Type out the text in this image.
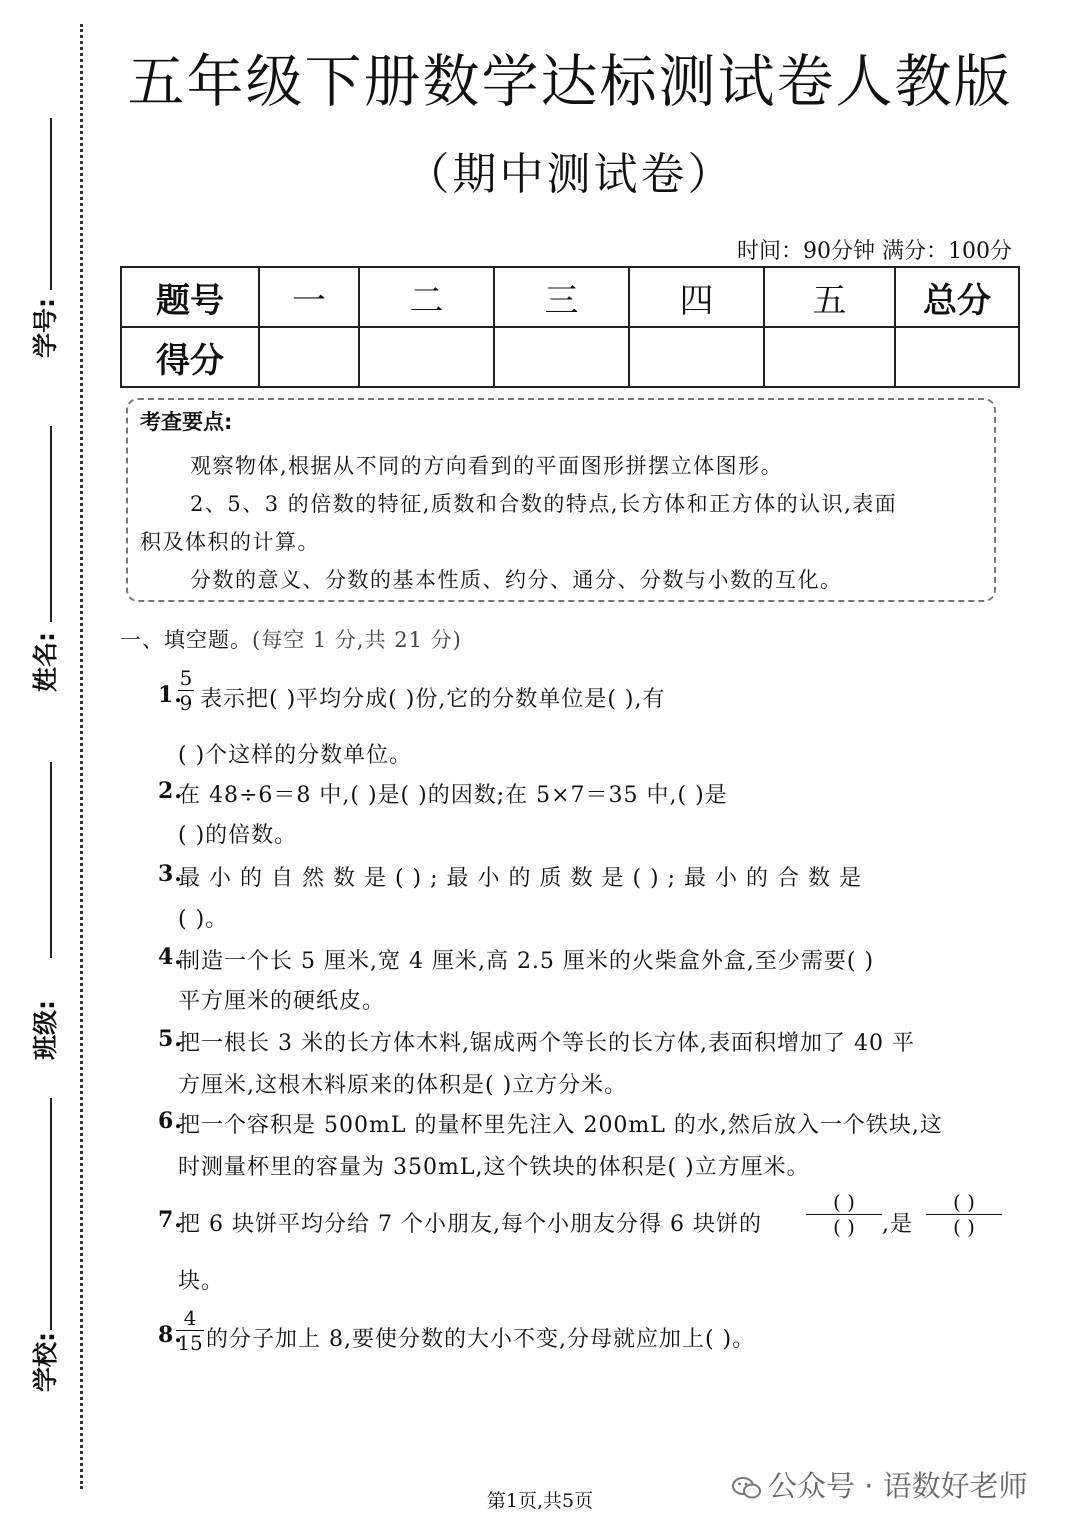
学号:
姓名:
班级:
学校:
五年级下册数学达标测试卷人教版
（期中测试卷）
时间：90分钟 满分：100分
题号	一	二	三	四	五	总分
得分						
考查要点:
观察物体,根据从不同的方向看到的平面图形拼摆立体图形。
2、5、3 的倍数的特征,质数和合数的特点,长方体和正方体的认识,表面
积及体积的计算。
分数的意义、分数的基本性质、约分、通分、分数与小数的互化。
一、填空题。(每空 1 分,共 21 分)
1.
5
9 表示把( )平均分成( )份,它的分数单位是( ),有
( )个这样的分数单位。
2.
在 48÷6＝8 中,( )是( )的因数;在 5×7＝35 中,( )是
( )的倍数。
3.
最 小 的 自 然 数 是 ( ) ; 最 小 的 质 数 是 ( ) ; 最 小 的 合 数 是
( )。
4.
制造一个长 5 厘米,宽 4 厘米,高 2.5 厘米的火柴盒外盒,至少需要( )
平方厘米的硬纸皮。
5.
把一根长 3 米的长方体木料,锯成两个等长的长方体,表面积增加了 40 平
方厘米,这根木料原来的体积是( )立方分米。
6.
把一个容积是 500mL 的量杯里先注入 200mL 的水,然后放入一个铁块,这
时测量杯里的容量为 350mL,这个铁块的体积是( )立方厘米。
7.
把 6 块饼平均分给 7 个小朋友,每个小朋友分得 6 块饼的
( )
( )	,是
( )
( )
块。
8.
4
15 的分子加上 8,要使分数的大小不变,分母就应加上( )。
第1页,共5页	公众号 · 语数好老师
